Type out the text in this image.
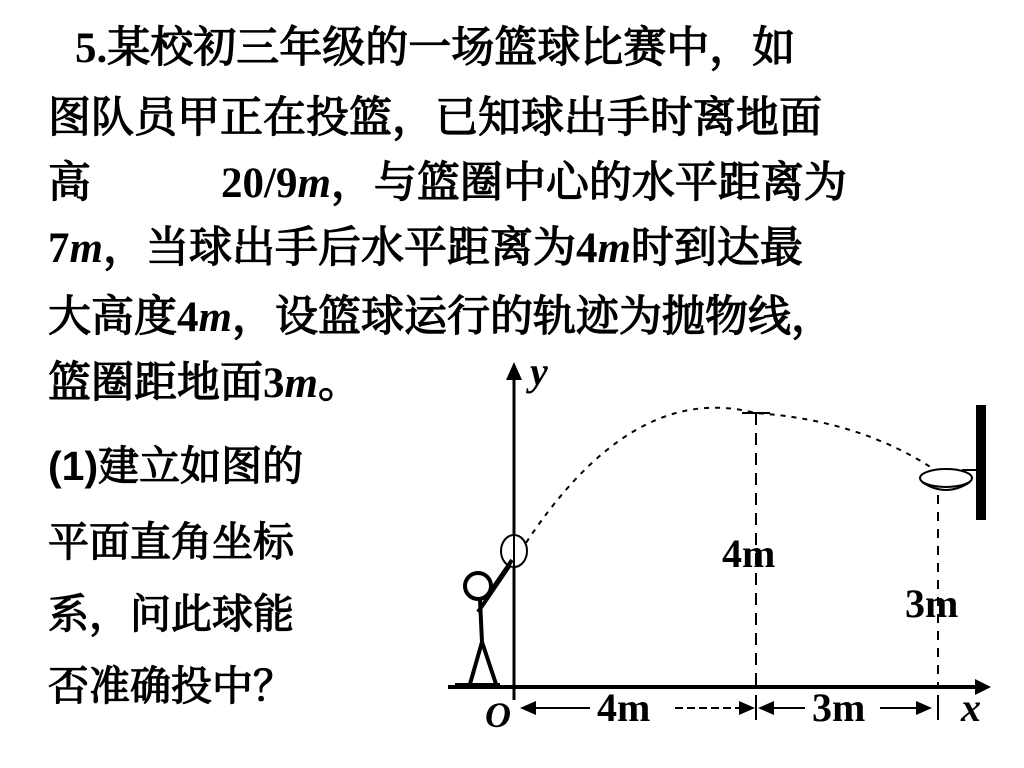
5.某校初三年级的一场篮球比赛中，如
图队员甲正在投篮，已知球出手时离地面
高	20/9m，与篮圈中心的水平距离为
7m，当球出手后水平距离为4m时到达最
大高度4m，设篮球运行的轨迹为抛物线，
篮圈距地面3m。
(1)建立如图的
平面直角坐标
系，问此球能
否准确投中？
y
x
O
4m
3m
4m	3m
